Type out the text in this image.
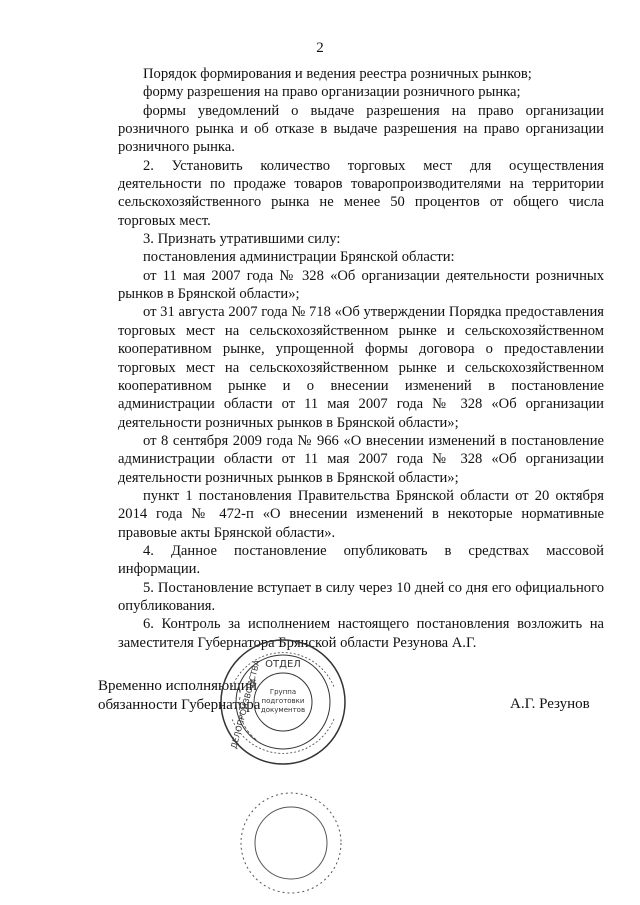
2

Порядок формирования и ведения реестра розничных рынков;

форму разрешения на право организации розничного рынка;

формы уведомлений о выдаче разрешения на право организации розничного рынка и об отказе в выдаче разрешения на право организации розничного рынка.

2. Установить количество торговых мест для осуществления деятельности по продаже товаров товаропроизводителями на территории сельскохозяйственного рынка не менее 50 процентов от общего числа торговых мест.

3. Признать утратившими силу:

постановления администрации Брянской области:

от 11 мая 2007 года № 328 «Об организации деятельности розничных рынков в Брянской области»;

от 31 августа 2007 года № 718 «Об утверждении Порядка предоставления торговых мест на сельскохозяйственном рынке и сельскохозяйственном кооперативном рынке, упрощенной формы договора о предоставлении торговых мест на сельскохозяйственном рынке и сельскохозяйственном кооперативном рынке и о внесении изменений в постановление администрации области от 11 мая 2007 года № 328 «Об организации деятельности розничных рынков в Брянской области»;

от 8 сентября 2009 года № 966 «О внесении изменений в постановление администрации области от 11 мая 2007 года № 328 «Об организации деятельности розничных рынков в Брянской области»;

пункт 1 постановления Правительства Брянской области от 20 октября 2014 года № 472-п «О внесении изменений в некоторые нормативные правовые акты Брянской области».

4. Данное постановление опубликовать в средствах массовой информации.

5. Постановление вступает в силу через 10 дней со дня его официального опубликования.

6. Контроль за исполнением настоящего постановления возложить на заместителя Губернатора Брянской области Резунова А.Г.

Временно исполняющий
обязанности Губернатора	А.Г. Резунов
ОТДЕЛ
Группа
подготовки
документов
ДЕЛОПРОИЗВОДСТВА
